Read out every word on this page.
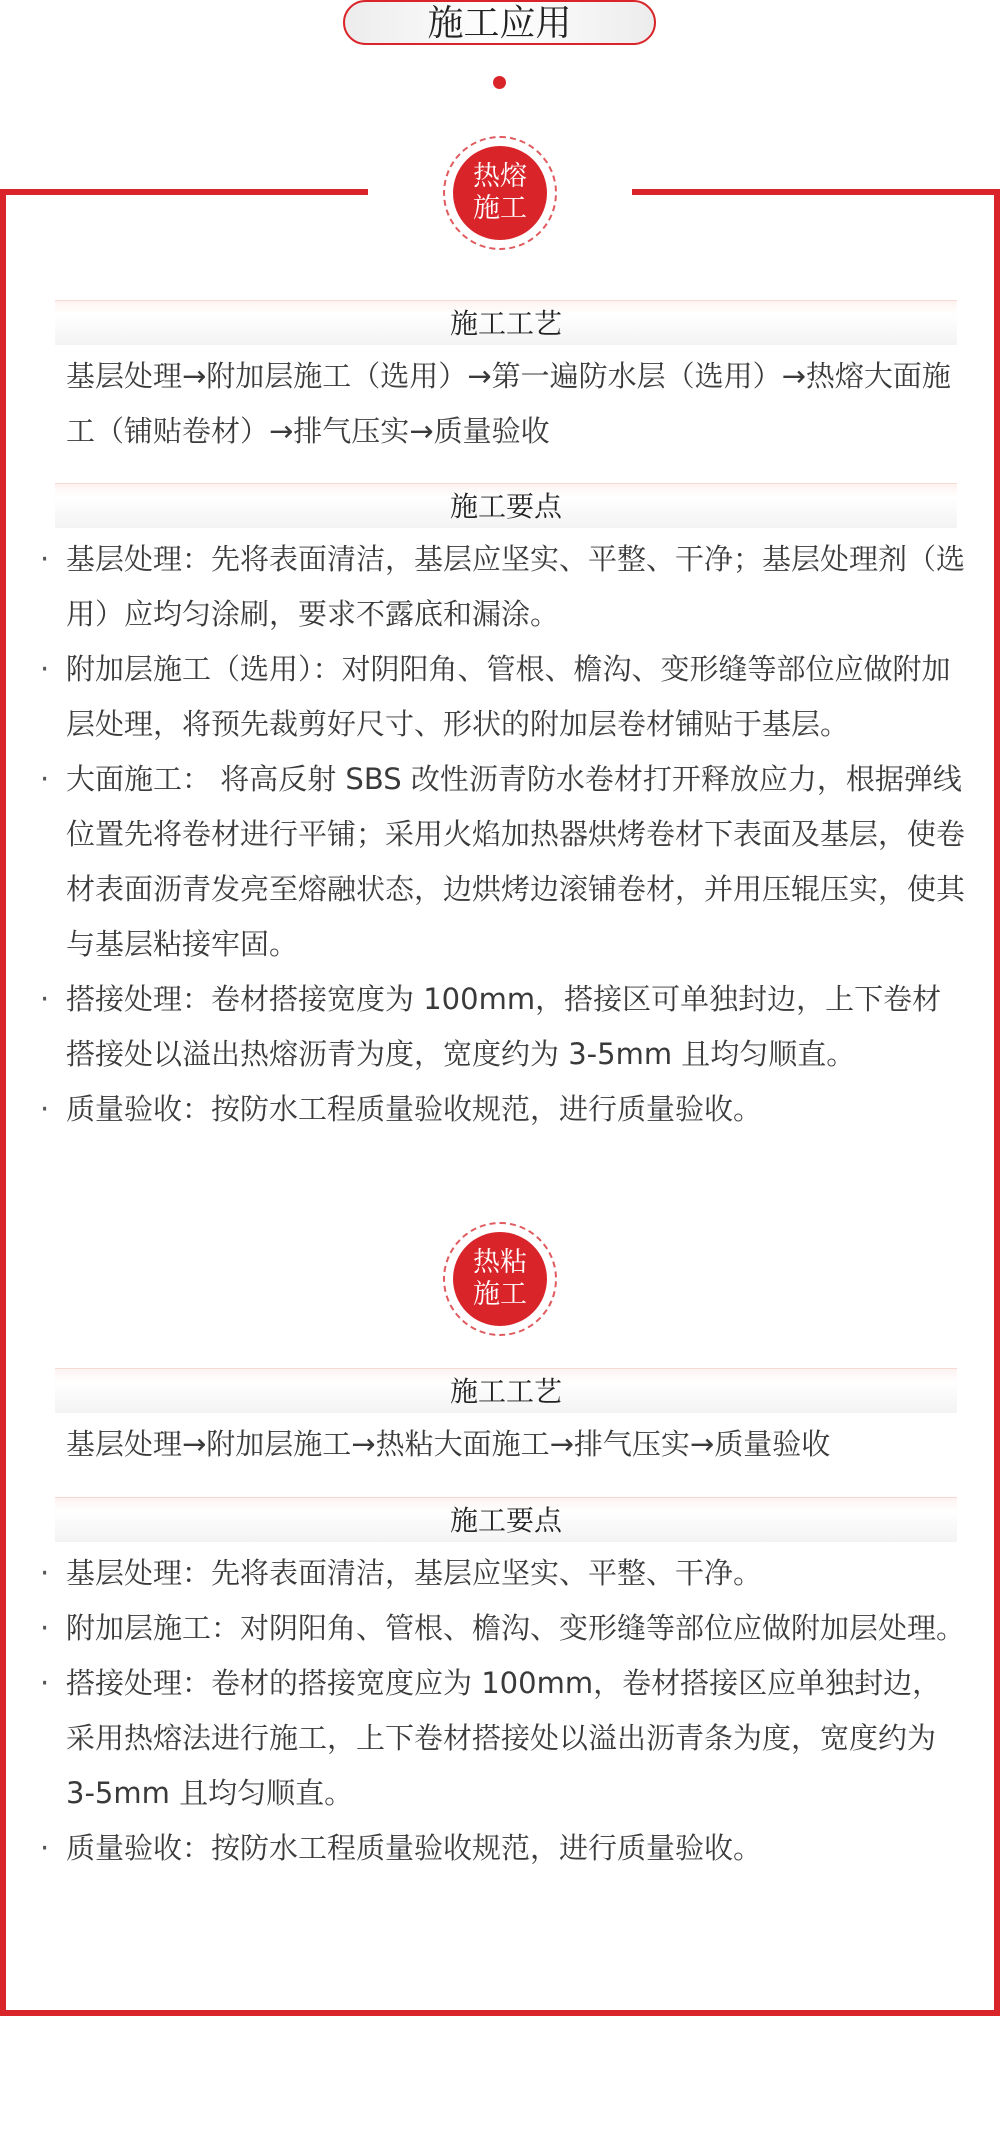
施工应用
热熔
施工
施工工艺

基层处理→附加层施工（选用）→第一遍防水层（选用）→热熔大面施工（铺贴卷材）→排气压实→质量验收

施工要点
· 基层处理：先将表面清洁，基层应坚实、平整、干净；基层处理剂（选用）应均匀涂刷，要求不露底和漏涂。
· 附加层施工（选用）：对阴阳角、管根、檐沟、变形缝等部位应做附加层处理，将预先裁剪好尺寸、形状的附加层卷材铺贴于基层。
· 大面施工： 将高反射 SBS 改性沥青防水卷材打开释放应力，根据弹线位置先将卷材进行平铺；采用火焰加热器烘烤卷材下表面及基层，使卷材表面沥青发亮至熔融状态，边烘烤边滚铺卷材，并用压辊压实，使其与基层粘接牢固。
· 搭接处理：卷材搭接宽度为 100mm，搭接区可单独封边，上下卷材搭接处以溢出热熔沥青为度，宽度约为 3-5mm 且均匀顺直。
· 质量验收：按防水工程质量验收规范，进行质量验收。
热粘
施工
施工工艺

基层处理→附加层施工→热粘大面施工→排气压实→质量验收

施工要点
· 基层处理：先将表面清洁，基层应坚实、平整、干净。
· 附加层施工：对阴阳角、管根、檐沟、变形缝等部位应做附加层处理。
· 搭接处理：卷材的搭接宽度应为 100mm，卷材搭接区应单独封边，采用热熔法进行施工，上下卷材搭接处以溢出沥青条为度，宽度约为 3-5mm 且均匀顺直。
· 质量验收：按防水工程质量验收规范，进行质量验收。
